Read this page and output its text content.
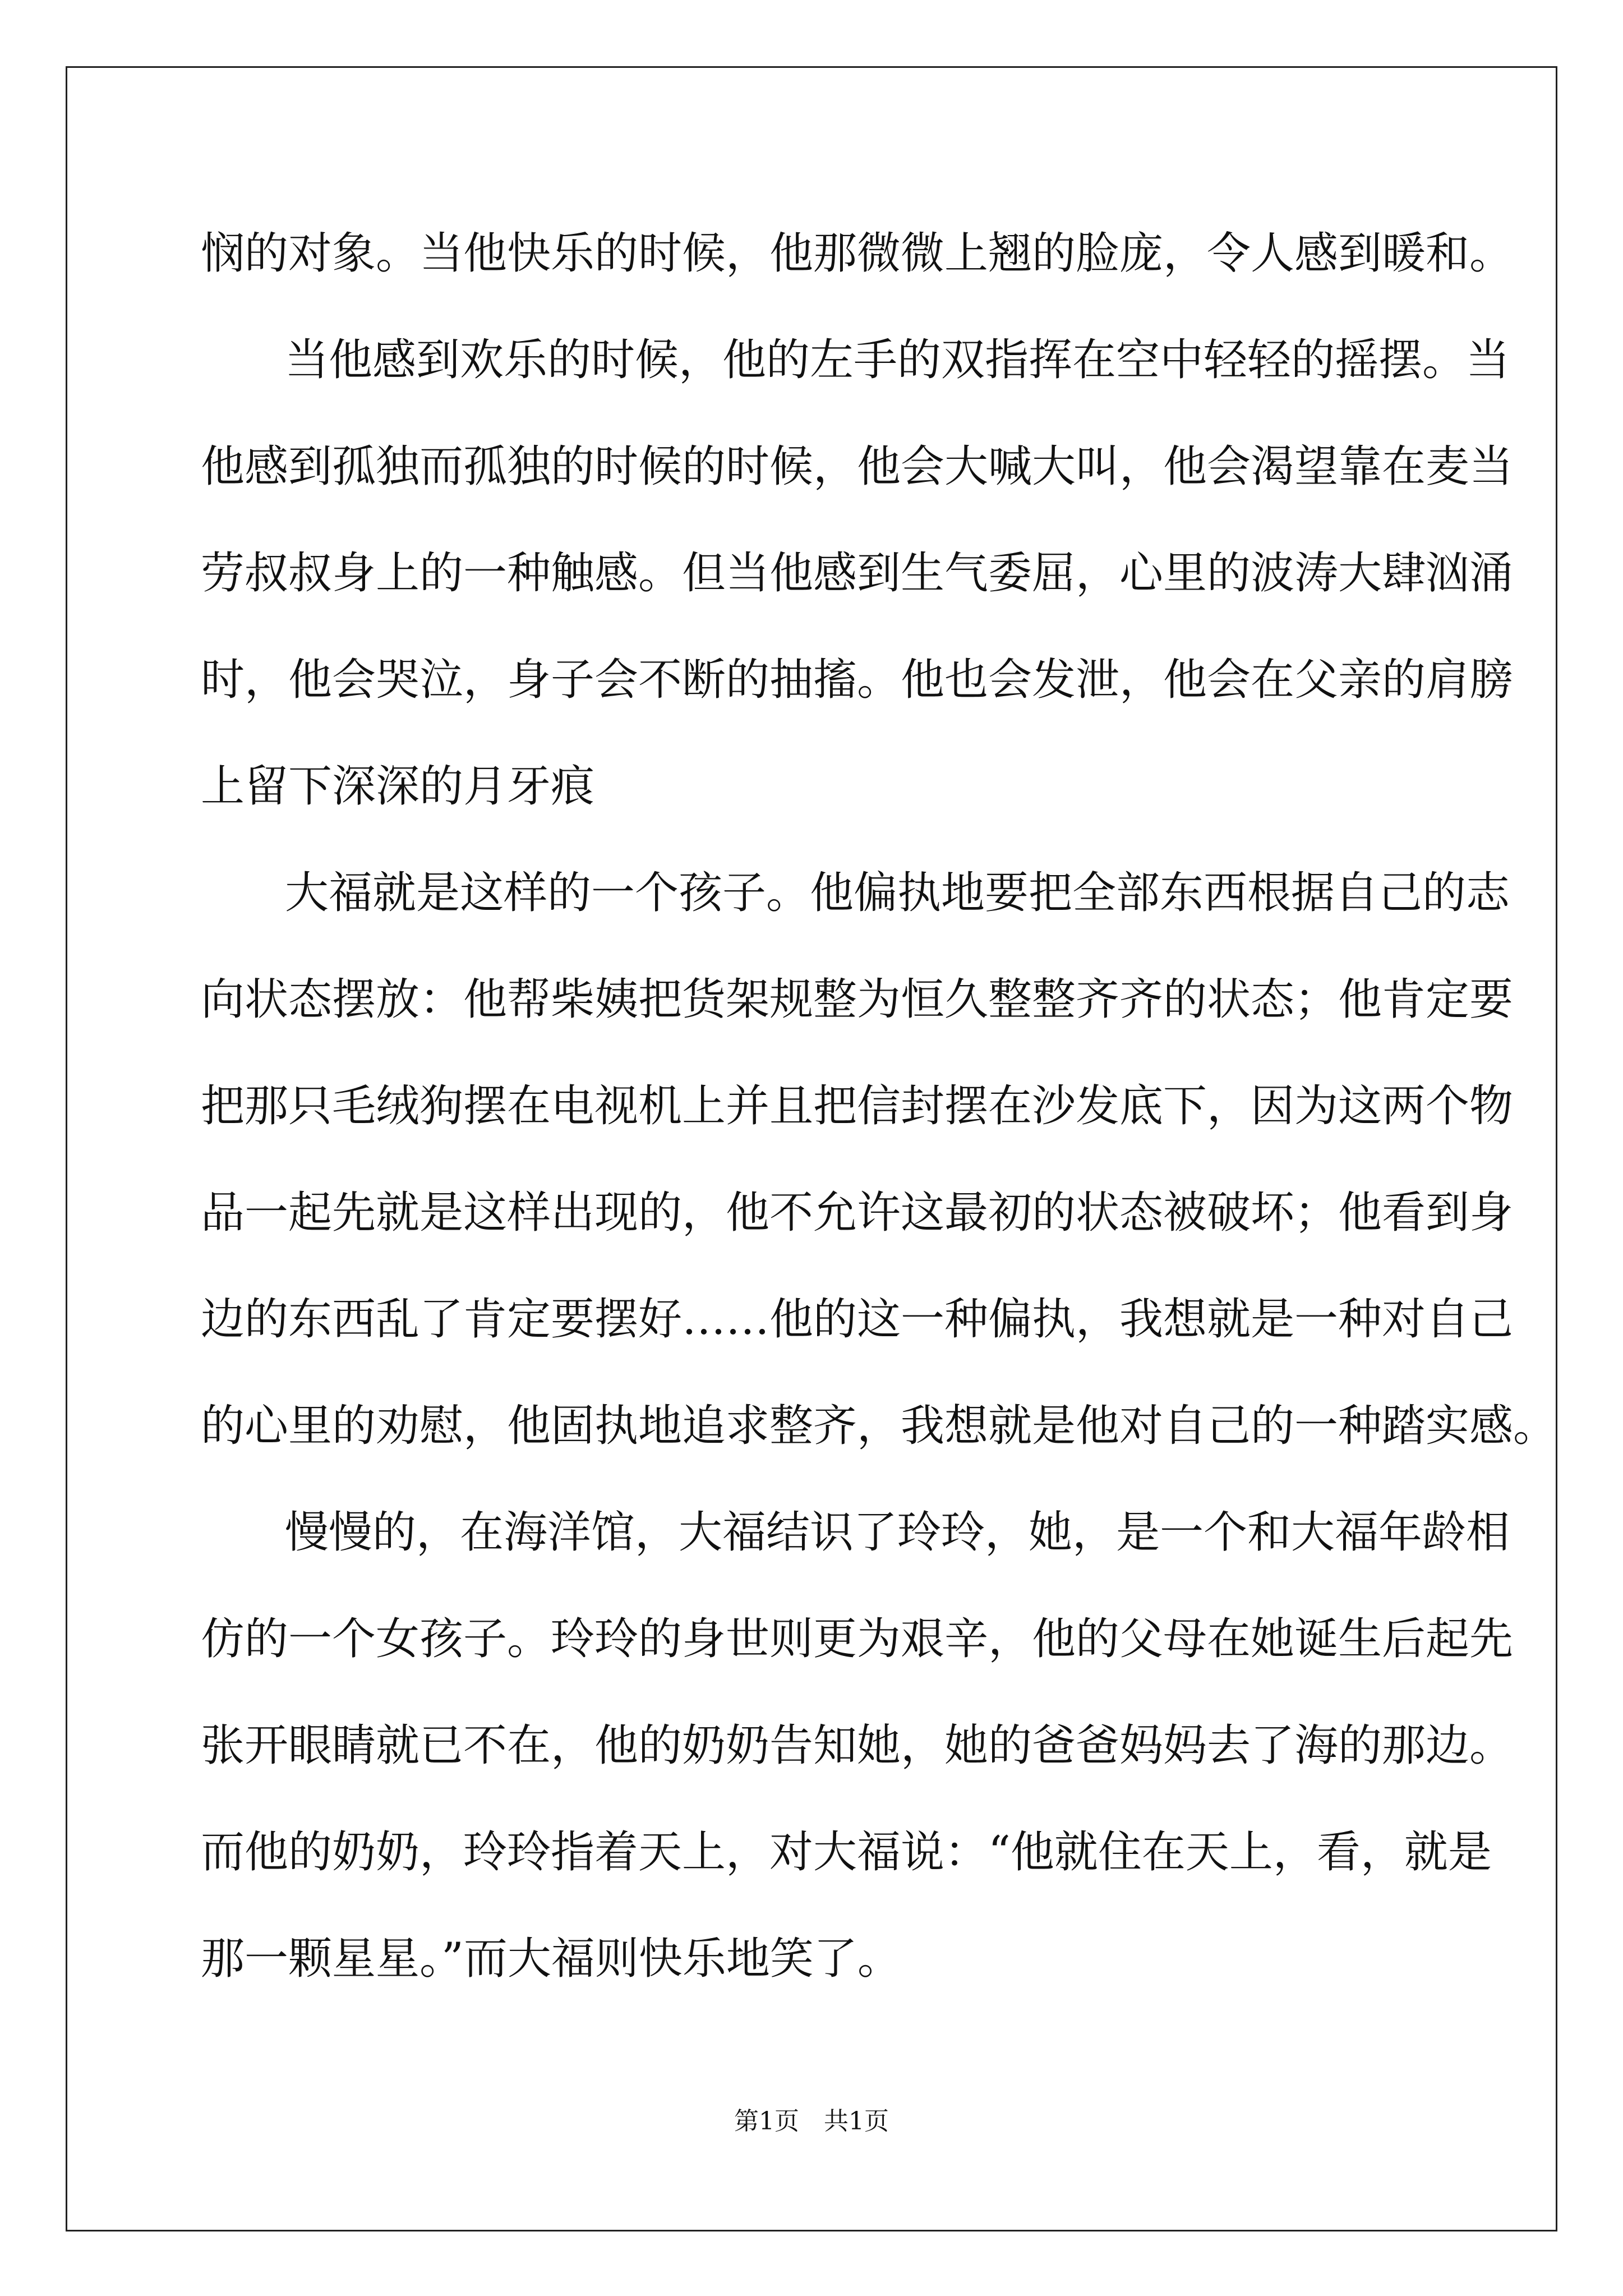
悯的对象。当他快乐的时候，他那微微上翘的脸庞，令人感到暖和。
当他感到欢乐的时候，他的左手的双指挥在空中轻轻的摇摆。当
他感到孤独而孤独的时候的时候，他会大喊大叫，他会渴望靠在麦当
劳叔叔身上的一种触感。但当他感到生气委屈，心里的波涛大肆汹涌
时，他会哭泣，身子会不断的抽搐。他也会发泄，他会在父亲的肩膀
上留下深深的月牙痕
大福就是这样的一个孩子。他偏执地要把全部东西根据自己的志
向状态摆放：他帮柴姨把货架规整为恒久整整齐齐的状态；他肯定要
把那只毛绒狗摆在电视机上并且把信封摆在沙发底下，因为这两个物
品一起先就是这样出现的，他不允许这最初的状态被破坏；他看到身
边的东西乱了肯定要摆好……他的这一种偏执，我想就是一种对自己
的心里的劝慰，他固执地追求整齐，我想就是他对自己的一种踏实感。
慢慢的，在海洋馆，大福结识了玲玲，她，是一个和大福年龄相
仿的一个女孩子。玲玲的身世则更为艰辛，他的父母在她诞生后起先
张开眼睛就已不在，他的奶奶告知她，她的爸爸妈妈去了海的那边。
而他的奶奶，玲玲指着天上，对大福说：“他就住在天上，看，就是
那一颗星星。”而大福则快乐地笑了。
第1页 共1页
